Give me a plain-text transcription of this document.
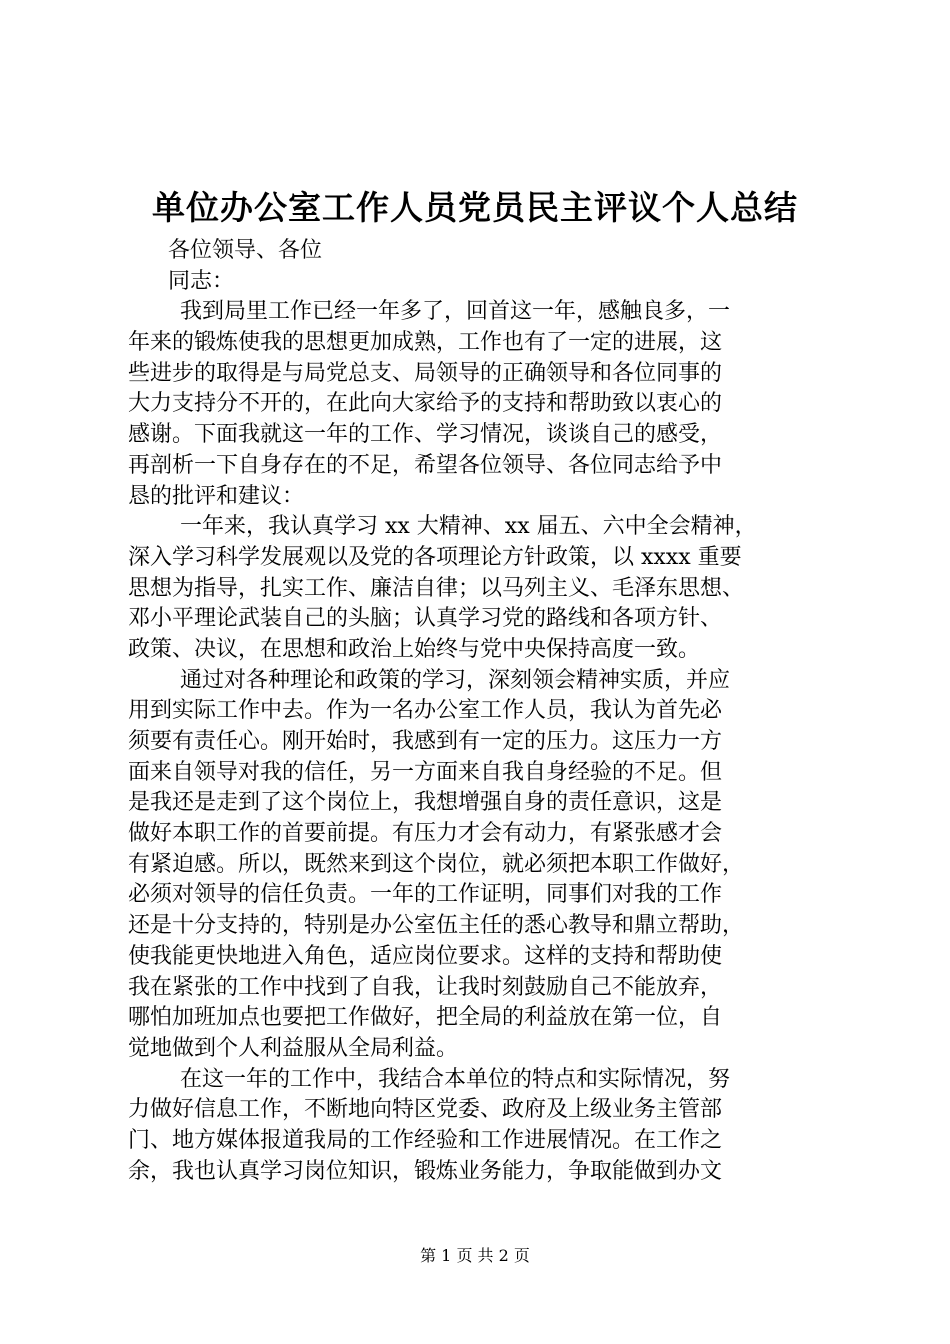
单位办公室工作人员党员民主评议个人总结
各位领导、各位
同志：
我到局里工作已经一年多了，回首这一年，感触良多，一
年来的锻炼使我的思想更加成熟，工作也有了一定的进展，这
些进步的取得是与局党总支、局领导的正确领导和各位同事的
大力支持分不开的，在此向大家给予的支持和帮助致以衷心的
感谢。下面我就这一年的工作、学习情况，谈谈自己的感受，
再剖析一下自身存在的不足，希望各位领导、各位同志给予中
恳的批评和建议：
一年来，我认真学习 xx 大精神、xx 届五、六中全会精神，
深入学习科学发展观以及党的各项理论方针政策，以 xxxx 重要
思想为指导，扎实工作、廉洁自律；以马列主义、毛泽东思想、
邓小平理论武装自己的头脑；认真学习党的路线和各项方针、
政策、决议，在思想和政治上始终与党中央保持高度一致。
通过对各种理论和政策的学习，深刻领会精神实质，并应
用到实际工作中去。作为一名办公室工作人员，我认为首先必
须要有责任心。刚开始时，我感到有一定的压力。这压力一方
面来自领导对我的信任，另一方面来自我自身经验的不足。但
是我还是走到了这个岗位上，我想增强自身的责任意识，这是
做好本职工作的首要前提。有压力才会有动力，有紧张感才会
有紧迫感。所以，既然来到这个岗位，就必须把本职工作做好，
必须对领导的信任负责。一年的工作证明，同事们对我的工作
还是十分支持的，特别是办公室伍主任的悉心教导和鼎立帮助，
使我能更快地进入角色，适应岗位要求。这样的支持和帮助使
我在紧张的工作中找到了自我，让我时刻鼓励自己不能放弃，
哪怕加班加点也要把工作做好，把全局的利益放在第一位，自
觉地做到个人利益服从全局利益。
在这一年的工作中，我结合本单位的特点和实际情况，努
力做好信息工作，不断地向特区党委、政府及上级业务主管部
门、地方媒体报道我局的工作经验和工作进展情况。在工作之
余，我也认真学习岗位知识，锻炼业务能力，争取能做到办文
第 1 页 共 2 页
